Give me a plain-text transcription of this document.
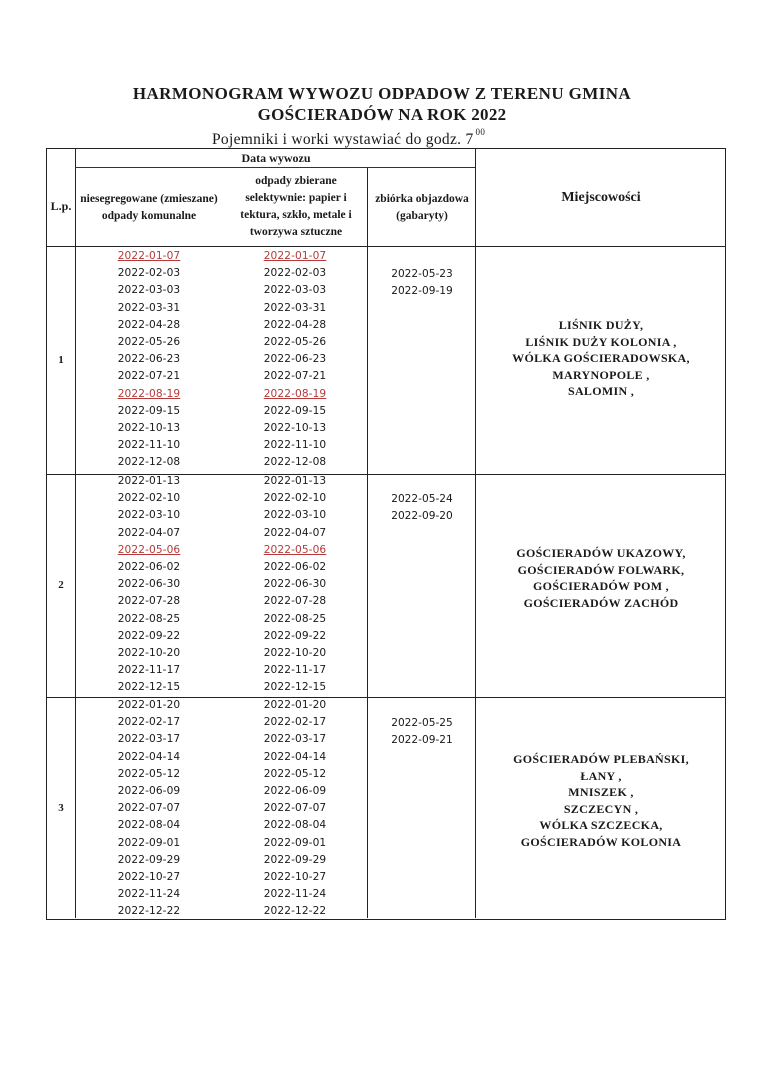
HARMONOGRAM WYWOZU ODPADOW Z TERENU GMINA
GOŚCIERADÓW NA ROK 2022
Pojemniki i worki wystawiać do godz. 7 $^{00}$
Data wywozu
L.p.
niesegregowane (zmieszane) odpady komunalne
odpady zbierane selektywnie: papier i tektura, szkło, metale i tworzywa sztuczne
zbiórka objazdowa (gabaryty)
Miejscowości
1
2022-01-07
2022-02-03
2022-03-03
2022-03-31
2022-04-28
2022-05-26
2022-06-23
2022-07-21
2022-08-19
2022-09-15
2022-10-13
2022-11-10
2022-12-08
2022-01-07
2022-02-03
2022-03-03
2022-03-31
2022-04-28
2022-05-26
2022-06-23
2022-07-21
2022-08-19
2022-09-15
2022-10-13
2022-11-10
2022-12-08
2022-05-23
2022-09-19
LIŚNIK DUŻY,
LIŚNIK DUŻY KOLONIA ,
WÓLKA GOŚCIERADOWSKA,
MARYNOPOLE ,
SALOMIN ,
2
2022-01-13
2022-02-10
2022-03-10
2022-04-07
2022-05-06
2022-06-02
2022-06-30
2022-07-28
2022-08-25
2022-09-22
2022-10-20
2022-11-17
2022-12-15
2022-01-13
2022-02-10
2022-03-10
2022-04-07
2022-05-06
2022-06-02
2022-06-30
2022-07-28
2022-08-25
2022-09-22
2022-10-20
2022-11-17
2022-12-15
2022-05-24
2022-09-20
GOŚCIERADÓW UKAZOWY,
GOŚCIERADÓW FOLWARK,
GOŚCIERADÓW POM ,
GOŚCIERADÓW ZACHÓD
3
2022-01-20
2022-02-17
2022-03-17
2022-04-14
2022-05-12
2022-06-09
2022-07-07
2022-08-04
2022-09-01
2022-09-29
2022-10-27
2022-11-24
2022-12-22
2022-01-20
2022-02-17
2022-03-17
2022-04-14
2022-05-12
2022-06-09
2022-07-07
2022-08-04
2022-09-01
2022-09-29
2022-10-27
2022-11-24
2022-12-22
2022-05-25
2022-09-21
GOŚCIERADÓW PLEBAŃSKI,
ŁANY ,
MNISZEK ,
SZCZECYN ,
WÓLKA SZCZECKA,
GOŚCIERADÓW KOLONIA
